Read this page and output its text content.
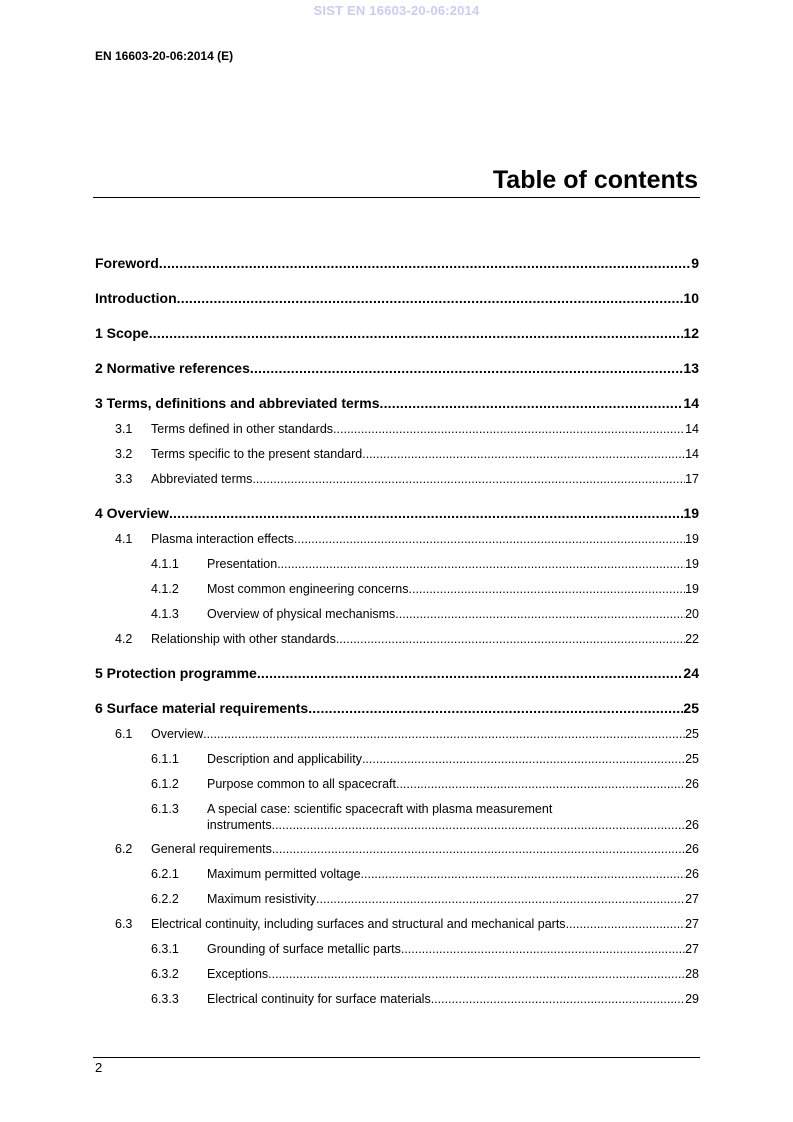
SIST EN 16603-20-06:2014
EN 16603-20-06:2014 (E)
Table of contents
Foreword .....	9
Introduction .....	10
1 Scope .....	12
2 Normative references .....	13
3 Terms, definitions and abbreviated terms .....	14
3.1	Terms defined in other standards .....	14
3.2	Terms specific to the present standard .....	14
3.3	Abbreviated terms .....	17
4 Overview .....	19
4.1	Plasma interaction effects .....	19
4.1.1	Presentation .....	19
4.1.2	Most common engineering concerns .....	19
4.1.3	Overview of physical mechanisms .....	20
4.2	Relationship with other standards .....	22
5 Protection programme .....	24
6 Surface material requirements .....	25
6.1	Overview .....	25
6.1.1	Description and applicability .....	25
6.1.2	Purpose common to all spacecraft .....	26
6.1.3 A special case: scientific spacecraft with plasma measurement
instruments .....	26
6.2	General requirements .....	26
6.2.1	Maximum permitted voltage .....	26
6.2.2	Maximum resistivity .....	27
6.3	Electrical continuity, including surfaces and structural and mechanical parts .....	27
6.3.1	Grounding of surface metallic parts .....	27
6.3.2	Exceptions .....	28
6.3.3	Electrical continuity for surface materials .....	29
2
